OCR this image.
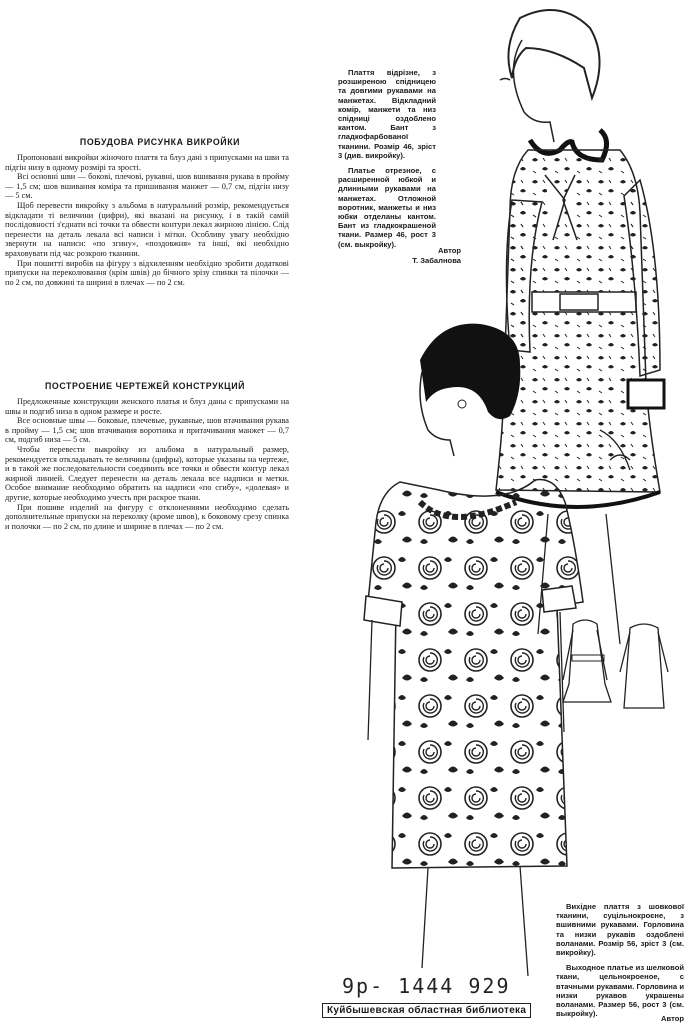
ПОБУДОВА РИСУНКА ВИКРОЙКИ

Пропоновані викройки жіночого плаття та блуз дані з припусками на шви та підгін низу в одному розмірі та зрості.

Всі основні шви — бокові, плечові, рукавні, шов вшивання рукава в пройму — 1,5 см; шов вшивання коміра та пришивання манжет — 0,7 см, підгін низу — 5 см.

Щоб перевести викройку з альбома в натуральний розмір, рекомендується відкладати ті величини (цифри), які вказані на рисунку, і в такій самій послідовності з'єднати всі точки та обвести контури лекал жирною лінією. Слід перенести на деталь лекала всі написи і мітки. Особливу увагу необхідно звернути на написи: «по згину», «поздовжня» та інші, які необхідно враховувати під час розкрою тканини.

При пошитті виробів на фігуру з відхиленням необхідно зробити додаткові припуски на переколювання (крім швів) до бічного зрізу спинки та пілочки — по 2 см, по довжині та ширині в плечах — по 2 см.

ПОСТРОЕНИЕ ЧЕРТЕЖЕЙ КОНСТРУКЦИЙ

Предложенные конструкции женского платья и блуз даны с припусками на швы и подгиб низа в одном размере и росте.

Все основные швы — боковые, плечевые, рукавные, шов втачивания рукава в пройму — 1,5 см; шов втачивания воротника и притачивания манжет — 0,7 см, подгиб низа — 5 см.

Чтобы перевести выкройку из альбома в натуральный размер, рекомендуется откладывать те величины (цифры), которые указаны на чертеже, и в такой же последовательности соединить все точки и обвести контур лекал жирной линией. Следует перенести на деталь лекала все надписи и метки. Особое внимание необходимо обратить на надписи «по сгибу», «долевая» и другие, которые необходимо учесть при раскрое ткани.

При пошиве изделий на фигуру с отклонениями необходимо сделать дополнительные припуски на переколку (кроме швов), к боковому срезу спинка и полочки — по 2 см, по длине и ширине в плечах — по 2 см.

Плаття відрізне, з розширеною спідницею та довгими рукавами на манжетах. Відкладний комір, манжети та низ спідниці оздоблено кантом. Бант з гладкофарбованої тканини. Розмір 46, зріст 3 (див. викройку).

Платье отрезное, с расширенной юбкой и длинными рукавами на манжетах. Отложной воротник, манжеты и низ юбки отделаны кантом. Бант из гладкокрашеной ткани. Размер 46, рост 3 (см. выкройку).

Автор
Т. Забалнова

Вихідне плаття з шовкової тканини, суцільнокроєне, з вшивними рукавами. Горловина та низки рукавів оздоблені воланами. Розмір 56, зріст 3 (см. викройку).

Выходное платье из шелковой ткани, цельнокроеное, с втачными рукавами. Горловина и низки рукавов украшены воланами. Размер 56, рост 3 (см. выкройку).

Автор
9р- 1444 929
Куйбышевская областная библиотека
